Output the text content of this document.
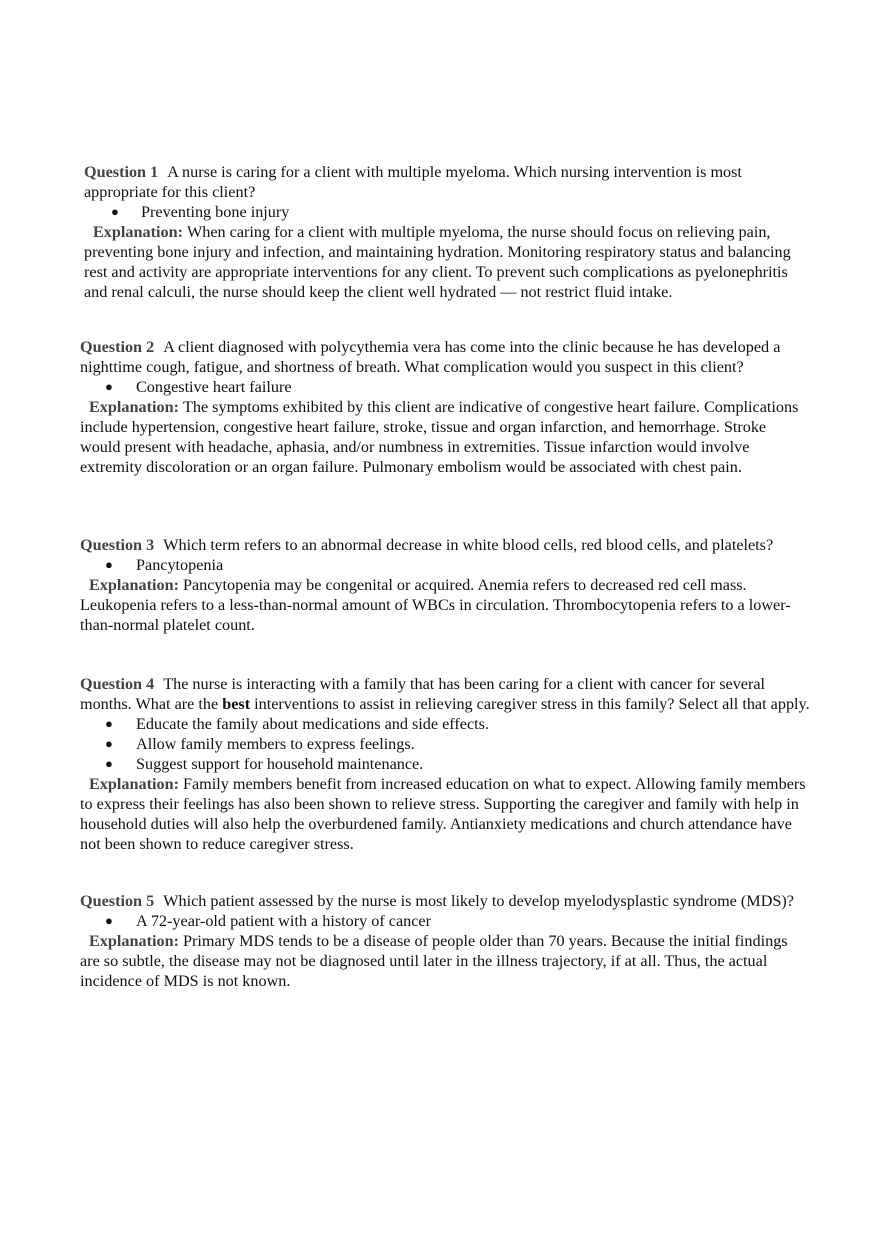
Question 1 A nurse is caring for a client with multiple myeloma. Which nursing intervention is most appropriate for this client?
● Preventing bone injury
Explanation: When caring for a client with multiple myeloma, the nurse should focus on relieving pain, preventing bone injury and infection, and maintaining hydration. Monitoring respiratory status and balancing rest and activity are appropriate interventions for any client. To prevent such complications as pyelonephritis and renal calculi, the nurse should keep the client well hydrated — not restrict fluid intake.
Question 2 A client diagnosed with polycythemia vera has come into the clinic because he has developed a nighttime cough, fatigue, and shortness of breath. What complication would you suspect in this client?
● Congestive heart failure
Explanation: The symptoms exhibited by this client are indicative of congestive heart failure. Complications include hypertension, congestive heart failure, stroke, tissue and organ infarction, and hemorrhage. Stroke would present with headache, aphasia, and/or numbness in extremities. Tissue infarction would involve extremity discoloration or an organ failure. Pulmonary embolism would be associated with chest pain.
Question 3 Which term refers to an abnormal decrease in white blood cells, red blood cells, and platelets?
● Pancytopenia
Explanation: Pancytopenia may be congenital or acquired. Anemia refers to decreased red cell mass. Leukopenia refers to a less-than-normal amount of WBCs in circulation. Thrombocytopenia refers to a lower-than-normal platelet count.
Question 4 The nurse is interacting with a family that has been caring for a client with cancer for several months. What are the best interventions to assist in relieving caregiver stress in this family? Select all that apply.
● Educate the family about medications and side effects.
● Allow family members to express feelings.
● Suggest support for household maintenance.
Explanation: Family members benefit from increased education on what to expect. Allowing family members to express their feelings has also been shown to relieve stress. Supporting the caregiver and family with help in household duties will also help the overburdened family. Antianxiety medications and church attendance have not been shown to reduce caregiver stress.
Question 5 Which patient assessed by the nurse is most likely to develop myelodysplastic syndrome (MDS)?
● A 72-year-old patient with a history of cancer
Explanation: Primary MDS tends to be a disease of people older than 70 years. Because the initial findings are so subtle, the disease may not be diagnosed until later in the illness trajectory, if at all. Thus, the actual incidence of MDS is not known.
